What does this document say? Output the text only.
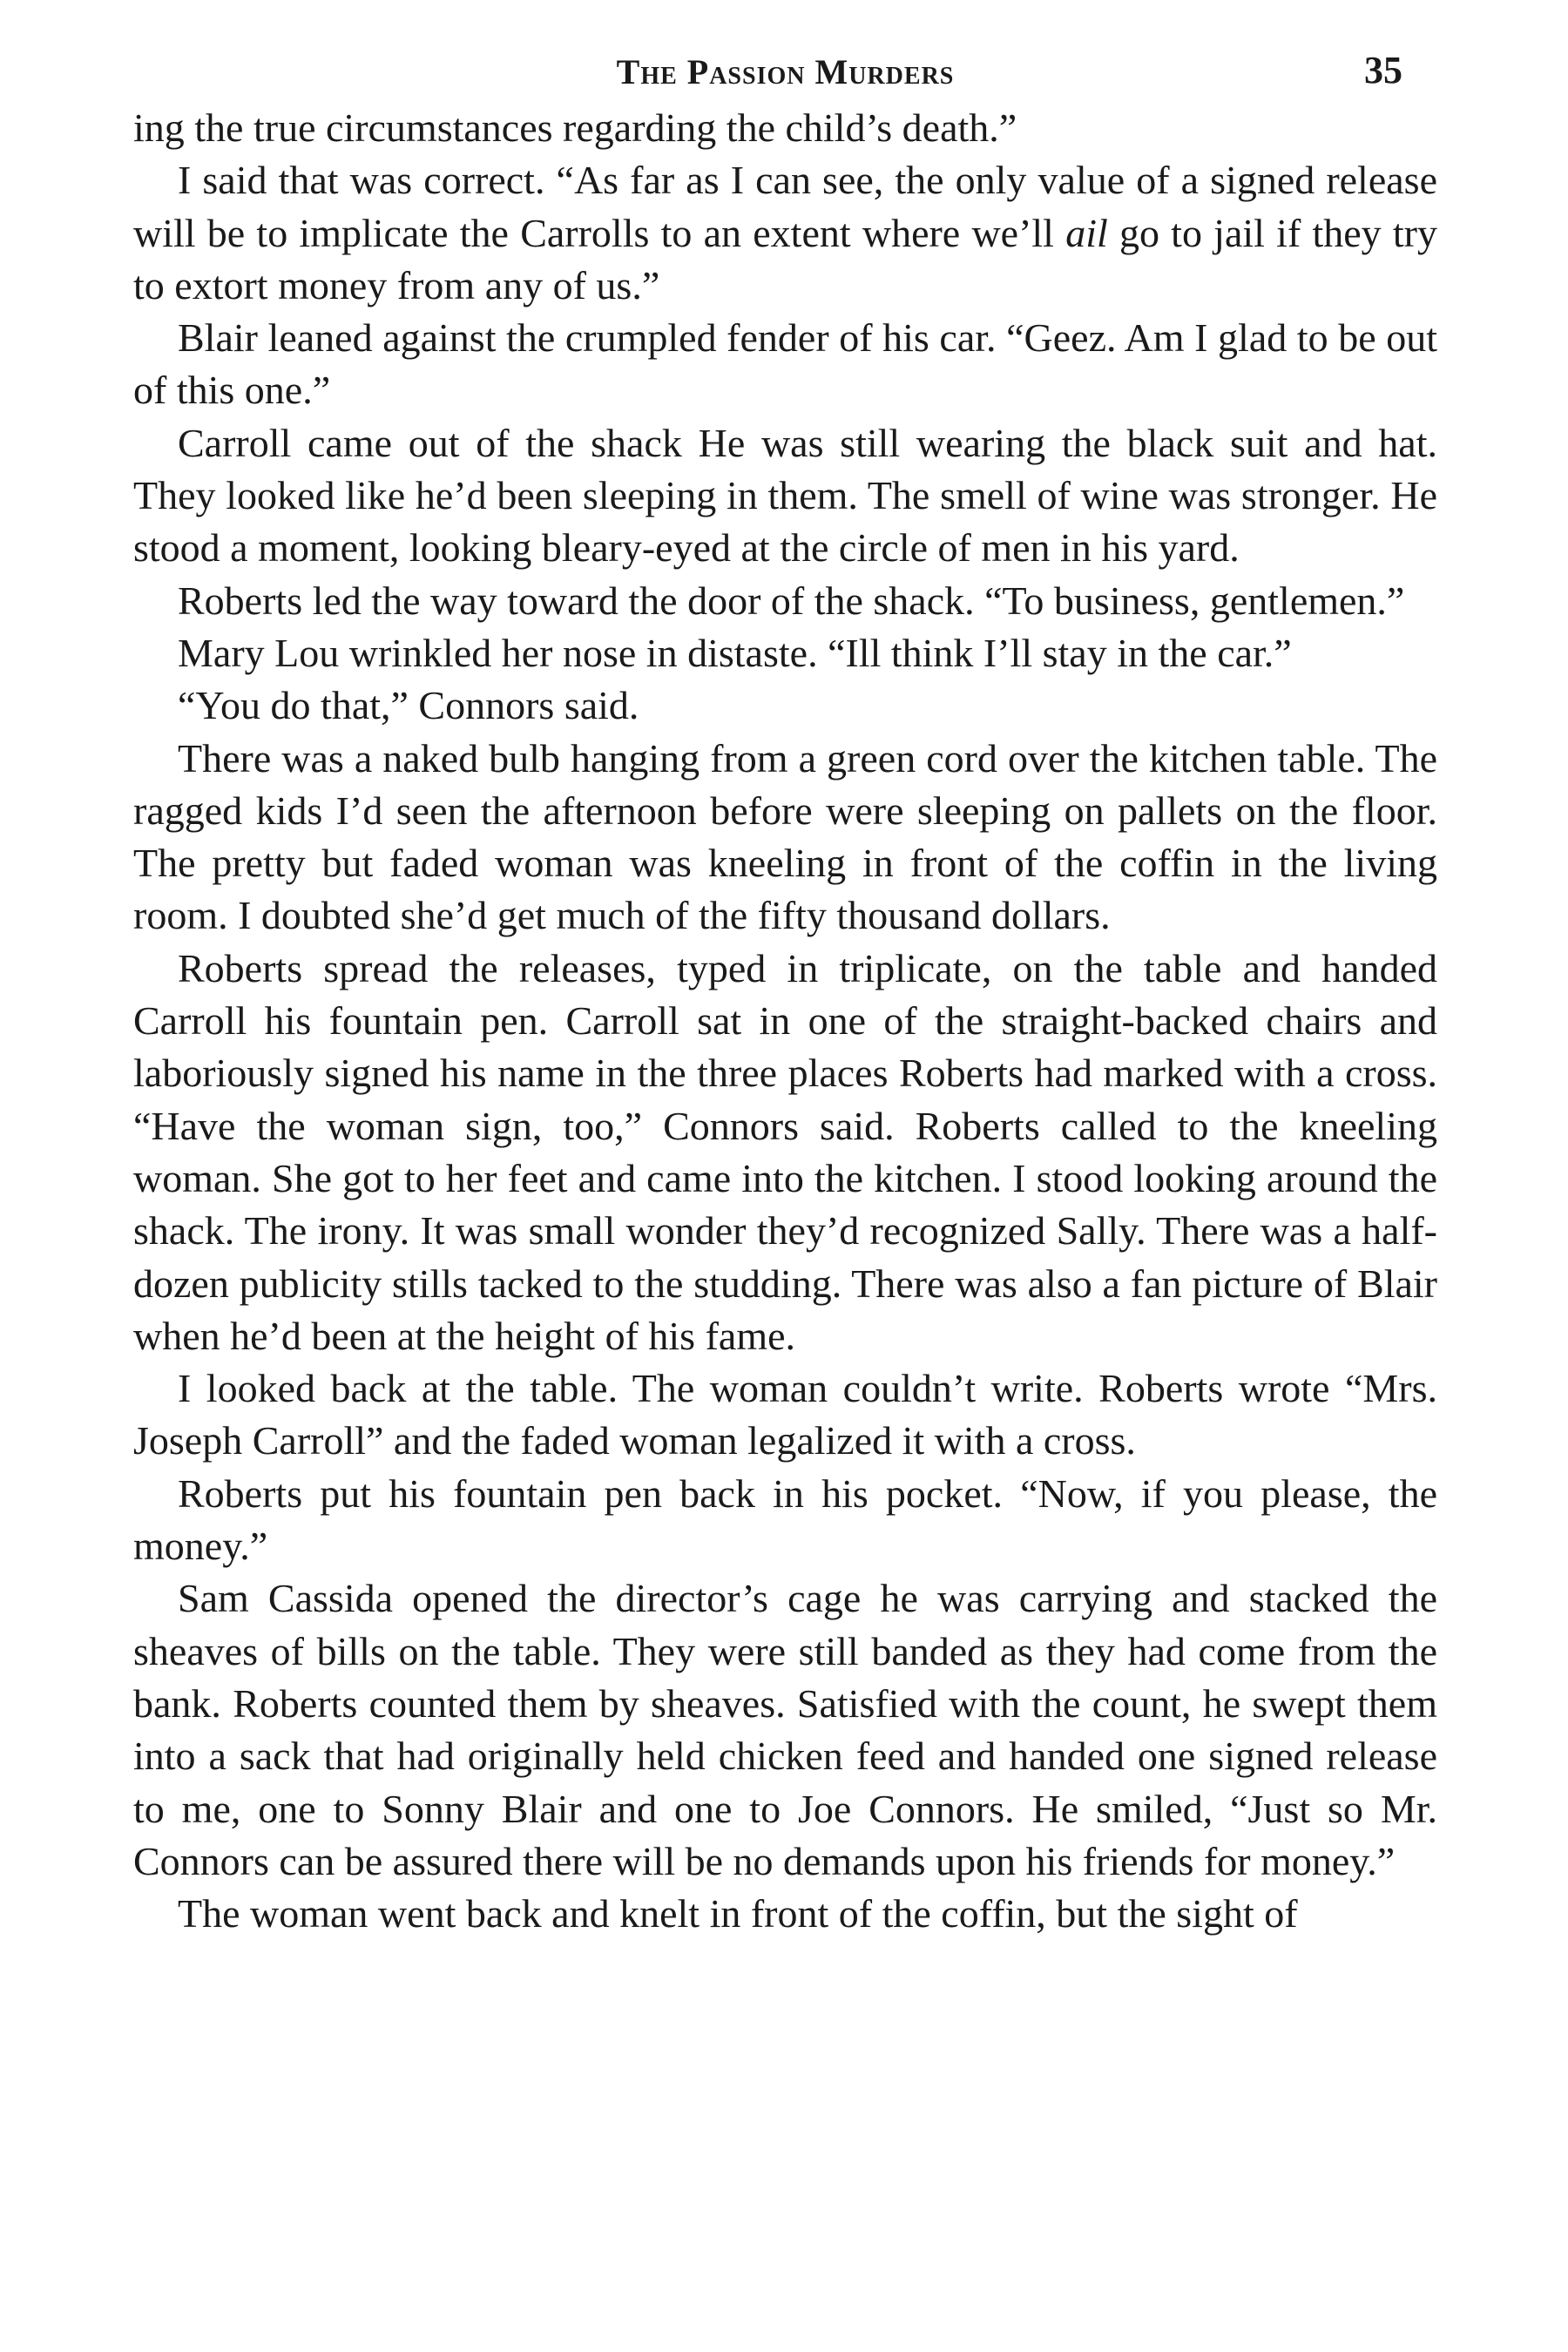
The Passion Murders	35

ing the true circumstances regarding the child’s death.”

I said that was correct. “As far as I can see, the only value of a signed release will be to implicate the Carrolls to an extent where we’ll ail go to jail if they try to extort money from any of us.”

Blair leaned against the crumpled fender of his car. “Geez. Am I glad to be out of this one.”

Carroll came out of the shack He was still wearing the black suit and hat. They looked like he’d been sleeping in them. The smell of wine was stronger. He stood a moment, looking bleary-eyed at the circle of men in his yard.

Roberts led the way toward the door of the shack. “To business, gentlemen.”

Mary Lou wrinkled her nose in distaste. “Ill think I’ll stay in the car.”

“You do that,” Connors said.

There was a naked bulb hanging from a green cord over the kitchen table. The ragged kids I’d seen the afternoon before were sleeping on pallets on the floor. The pretty but faded woman was kneeling in front of the coffin in the living room. I doubted she’d get much of the fifty thousand dollars.

Roberts spread the releases, typed in triplicate, on the table and handed Carroll his fountain pen. Carroll sat in one of the straight-backed chairs and laboriously signed his name in the three places Roberts had marked with a cross. “Have the woman sign, too,” Connors said. Roberts called to the kneeling woman. She got to her feet and came into the kitchen. I stood looking around the shack. The irony. It was small wonder they’d recognized Sally. There was a half-dozen publicity stills tacked to the studding. There was also a fan picture of Blair when he’d been at the height of his fame.

I looked back at the table. The woman couldn’t write. Roberts wrote “Mrs. Joseph Carroll” and the faded woman legalized it with a cross.

Roberts put his fountain pen back in his pocket. “Now, if you please, the money.”

Sam Cassida opened the director’s cage he was carrying and stacked the sheaves of bills on the table. They were still banded as they had come from the bank. Roberts counted them by sheaves. Satisfied with the count, he swept them into a sack that had originally held chicken feed and handed one signed release to me, one to Sonny Blair and one to Joe Connors. He smiled, “Just so Mr. Connors can be assured there will be no demands upon his friends for money.”

The woman went back and knelt in front of the coffin, but the sight of
